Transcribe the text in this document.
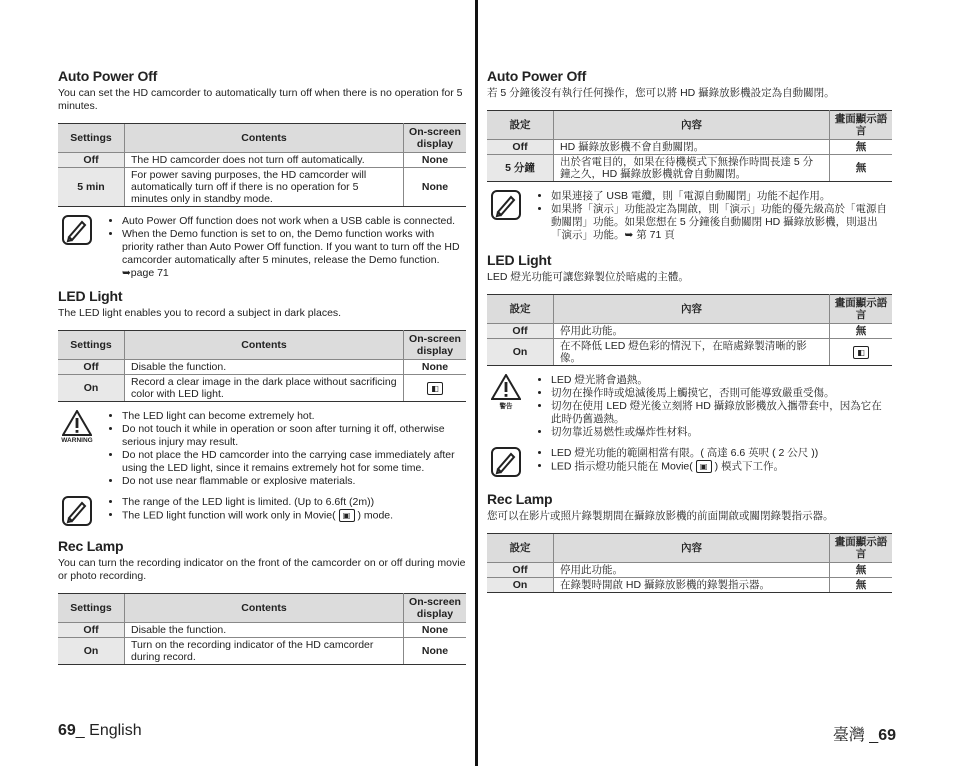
Auto Power Off

You can set the HD camcorder to automatically turn off when there is no operation for 5 minutes.

Settings	Contents	On-screen display
Off	The HD camcorder does not turn off automatically.	None
5 min	For power saving purposes, the HD camcorder will automatically turn off if there is no operation for 5 minutes only in standby mode.	None
• Auto Power Off function does not work when a USB cable is connected.
• When the Demo function is set to on, the Demo function works with priority rather than Auto Power Off function. If you want to turn off the HD camcorder automatically after 5 minutes, release the Demo function. ➥page 71
LED Light

The LED light enables you to record a subject in dark places.

Settings	Contents	On-screen display
Off	Disable the function.	None
On	Record a clear image in the dark place without sacrificing color with LED light.	◧
WARNING
• The LED light can become extremely hot.
• Do not touch it while in operation or soon after turning it off, otherwise serious injury may result.
• Do not place the HD camcorder into the carrying case immediately after using the LED light, since it remains extremely hot for some time.
• Do not use near flammable or explosive materials.
• The range of the LED light is limited. (Up to 6.6ft (2m))
• The LED light function will work only in Movie( ▣ ) mode.
Rec Lamp

You can turn the recording indicator on the front of the camcorder on or off during movie or photo recording.

Settings	Contents	On-screen display
Off	Disable the function.	None
On	Turn on the recording indicator of the HD camcorder during record.	None
69_ English
Auto Power Off

若 5 分鐘後沒有執行任何操作，您可以將 HD 攝錄放影機設定為自動關閉。

設定	內容	畫面顯示語言
Off	HD 攝錄放影機不會自動關閉。	無
5 分鐘	出於省電目的，如果在待機模式下無操作時間長達 5 分鐘之久，HD 攝錄放影機就會自動關閉。	無
• 如果連接了 USB 電纜，則「電源自動關閉」功能不起作用。
• 如果將「演示」功能設定為開啟，則「演示」功能的優先級高於「電源自動關閉」功能。如果您想在 5 分鐘後自動關閉 HD 攝錄放影機，則退出「演示」功能。➥ 第 71 頁
LED Light

LED 燈光功能可讓您錄製位於暗處的主體。

設定	內容	畫面顯示語言
Off	停用此功能。	無
On	在不降低 LED 燈色彩的情況下，在暗處錄製清晰的影像。	◧
警告
• LED 燈光將會過熱。
• 切勿在操作時或熄滅後馬上觸摸它，否則可能導致嚴重受傷。
• 切勿在使用 LED 燈光後立刻將 HD 攝錄放影機放入攜帶套中，因為它在此時仍舊過熱。
• 切勿靠近易燃性或爆炸性材料。
• LED 燈光功能的範圍相當有限。( 高達 6.6 英呎 ( 2 公尺 ))
• LED 指示燈功能只能在 Movie( ▣ ) 模式下工作。
Rec Lamp

您可以在影片或照片錄製期間在攝錄放影機的前面開啟或關閉錄製指示器。

設定	內容	畫面顯示語言
Off	停用此功能。	無
On	在錄製時開啟 HD 攝錄放影機的錄製指示器。	無
臺灣 _69
